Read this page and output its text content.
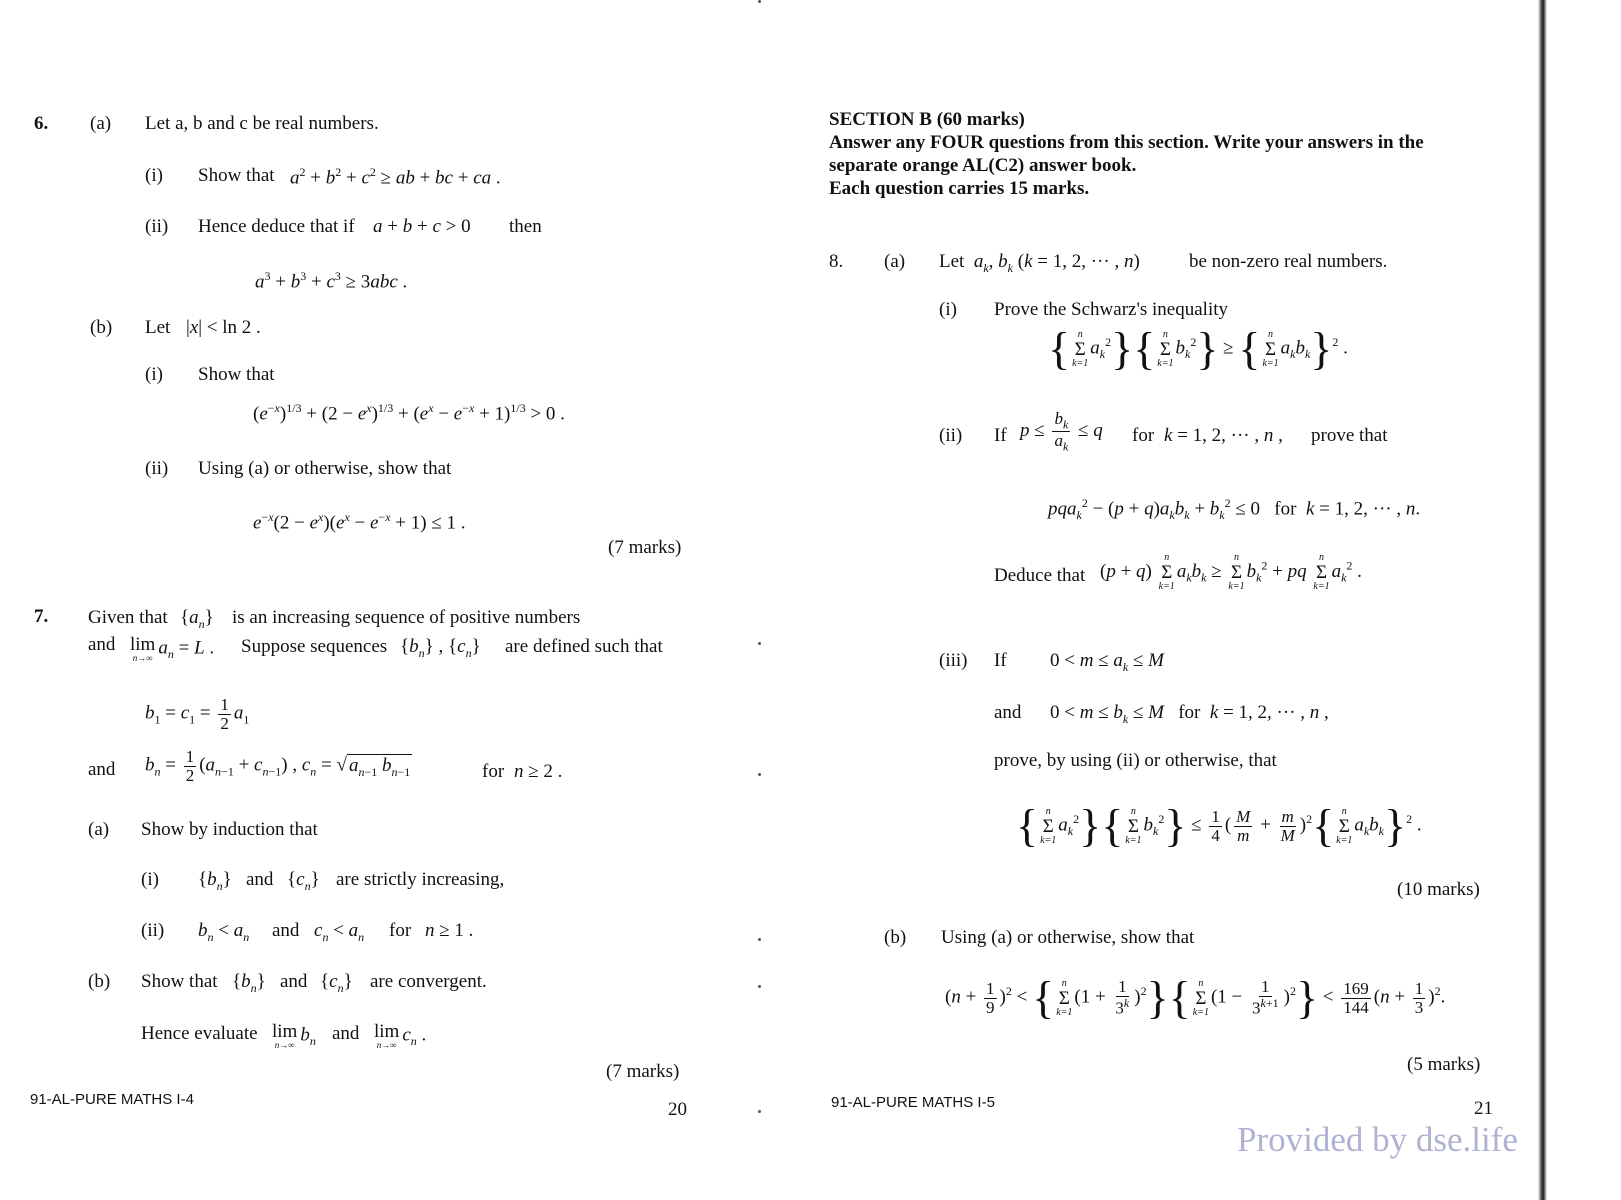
6. (a) Let a, b and c be real numbers.
(i) Show that $a^2 + b^2 + c^2$ ≥ ab + bc + ca .
(ii) Hence deduce that if a + b + c > 0 then
$a^3 + b^3 + c^3 \ge 3abc$ .
(b) Let |x| < ln 2 .
(i) Show that
$(e^{-x})^{1/3} + (2 - e^x)^{1/3} + (e^x - e^{-x} + 1)^{1/3} > 0$ .
(ii) Using (a) or otherwise, show that
$e^{-x}(2 - e^x)(e^x - e^{-x} + 1) \le 1$ .
(7 marks)
7. Given that $\{a_n\}$ is an increasing sequence of positive numbers
and lim
n→∞ $a_n = L$ . Suppose sequences $\{b_n\}$ , $\{c_n\}$ are defined such that
$b_1 = c_1 = \frac{1}{2} a_1$
and $b_n = \frac{1}{2} (a_{n-1} + c_{n-1})$ , $c_n$ = √ $a_{n-1}$ $b_{n-1}$	for n ≥ 2 .
(a) Show by induction that
(i) $\{b_n\}$ and $\{c_n\}$ are strictly increasing,
(ii) $b_n < a_n$ and $c_n < a_n$ for n ≥ 1 .
(b) Show that $\{b_n\}$ and $\{c_n\}$ are convergent.
Hence evaluate lim
n→∞ $b_n$ and lim
n→∞ $c_n$ .
(7 marks)
91-AL-PURE MATHS I-4	20
SECTION B (60 marks)
Answer any FOUR questions from this section. Write your answers in the
separate orange AL(C2) answer book.
Each question carries 15 marks.
8. (a) Let  $a_k$, $b_k$ (k = 1, 2, ··· , n)	be non-zero real numbers.
(i) Prove the Schwarz's inequality
{ n
Σ
k=1
$a_k^2$}{ n
Σ
k=1
$b_k^2$} ≥ { n
Σ
k=1
$a_kb_k\}^2$ .
(ii) If $p \le \frac{b_k}{a_k} \le q$ for k = 1, 2, ··· , n , prove that
$pqa_k^2 - (p + q)a_kb_k + b_k^2 \le 0$   for  k = 1, 2, ··· , n.
Deduce that (p + q)
n
Σ
k=1
$a_kb_k$ ≥
n
Σ
k=1
$b_k^2$ + pq
n
Σ
k=1
$a_k^2$ .
(iii) If $0 < m \le a_k \le M$
and $0 < m \le b_k \le M$   for  k = 1, 2, ··· , n ,
prove, by using (ii) or otherwise, that
{ n
Σ
k=1
$a_k^2$}{ n
Σ
k=1
$b_k^2\} \le \frac{1}{4}$ ( $\frac{M}{m} + \frac{m}{M} )^2${ n
Σ
k=1
$a_kb_k\}^2$ .
(10 marks)
(b) Using (a) or otherwise, show that
$(n + \frac{1}{9} )^2$ < { n
Σ
k=1
$(1 + \frac{1}{3^k} )^2$}{ n
Σ
k=1
$(1 - \frac{1}{3^{k+1}} )^2\} < \frac{169}{144} (n + \frac{1}{3} )^2$.
(5 marks)
91-AL-PURE MATHS I-5	21
Provided by dse.life
